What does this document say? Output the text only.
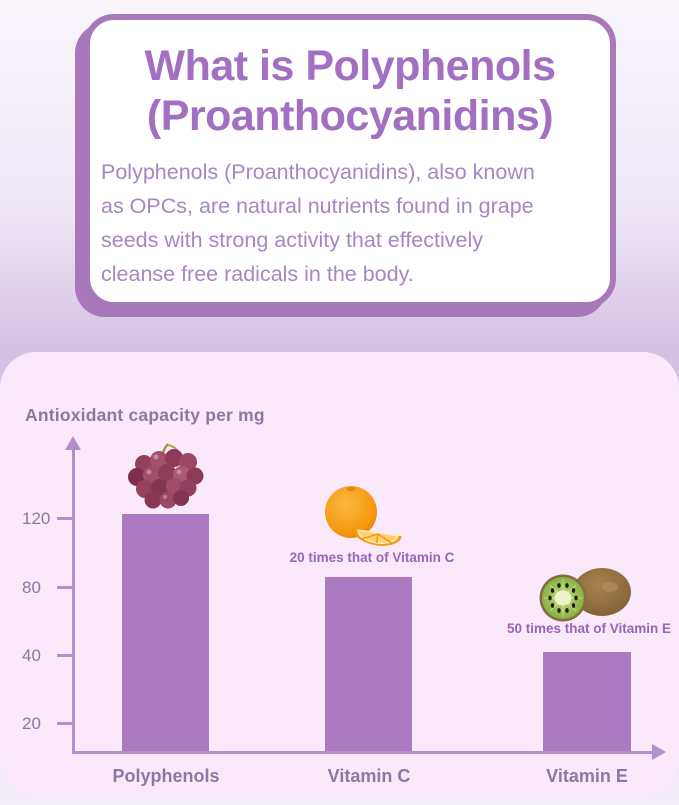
What is Polyphenols
(Proanthocyanidins)
Polyphenols (Proanthocyanidins), also known
as OPCs, are natural nutrients found in grape
seeds with strong activity that effectively
cleanse free radicals in the body.
Antioxidant capacity per mg
120
80
40
20
Polyphenols	Vitamin C	Vitamin E
20 times that of Vitamin C
50 times that of Vitamin E
